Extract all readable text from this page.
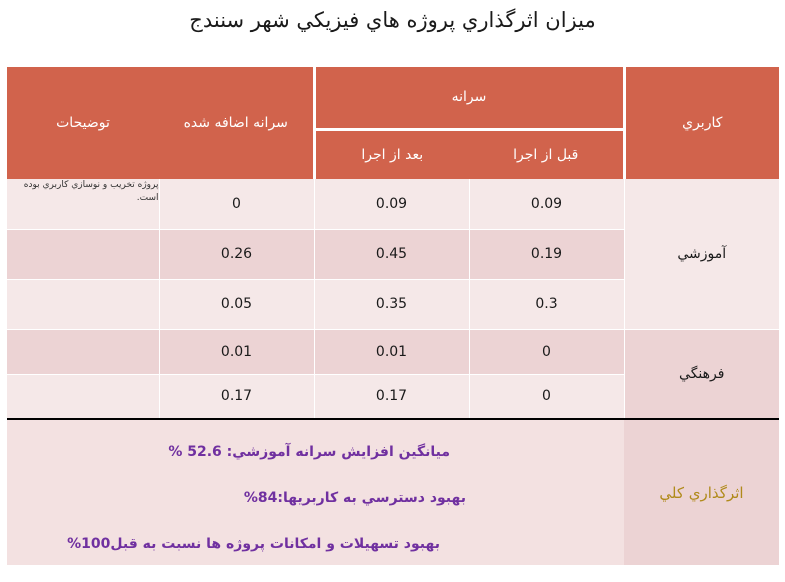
ميزان اثرگذاري پروژه هاي فيزيكي شهر سنندج
كاربري	سرانه		سرانه اضافه شده	توضيحات
	قبل از اجرا	بعد از اجرا		
آموزشي	0.09	0.09	0	پروژه تخريب و نوسازي كاربري بوده است.
	0.19	0.45	0.26	
	0.3	0.35	0.05	
فرهنگي	0	0.01	0.01	
	0	0.17	0.17	
اثرگذاري كلي	ميانگين افزايش سرانه آموزشي: 52.6 %
بهبود دسترسي به كاربريها:84%
بهبود تسهيلات و امكانات پروژه ها نسبت به قبل100%			
